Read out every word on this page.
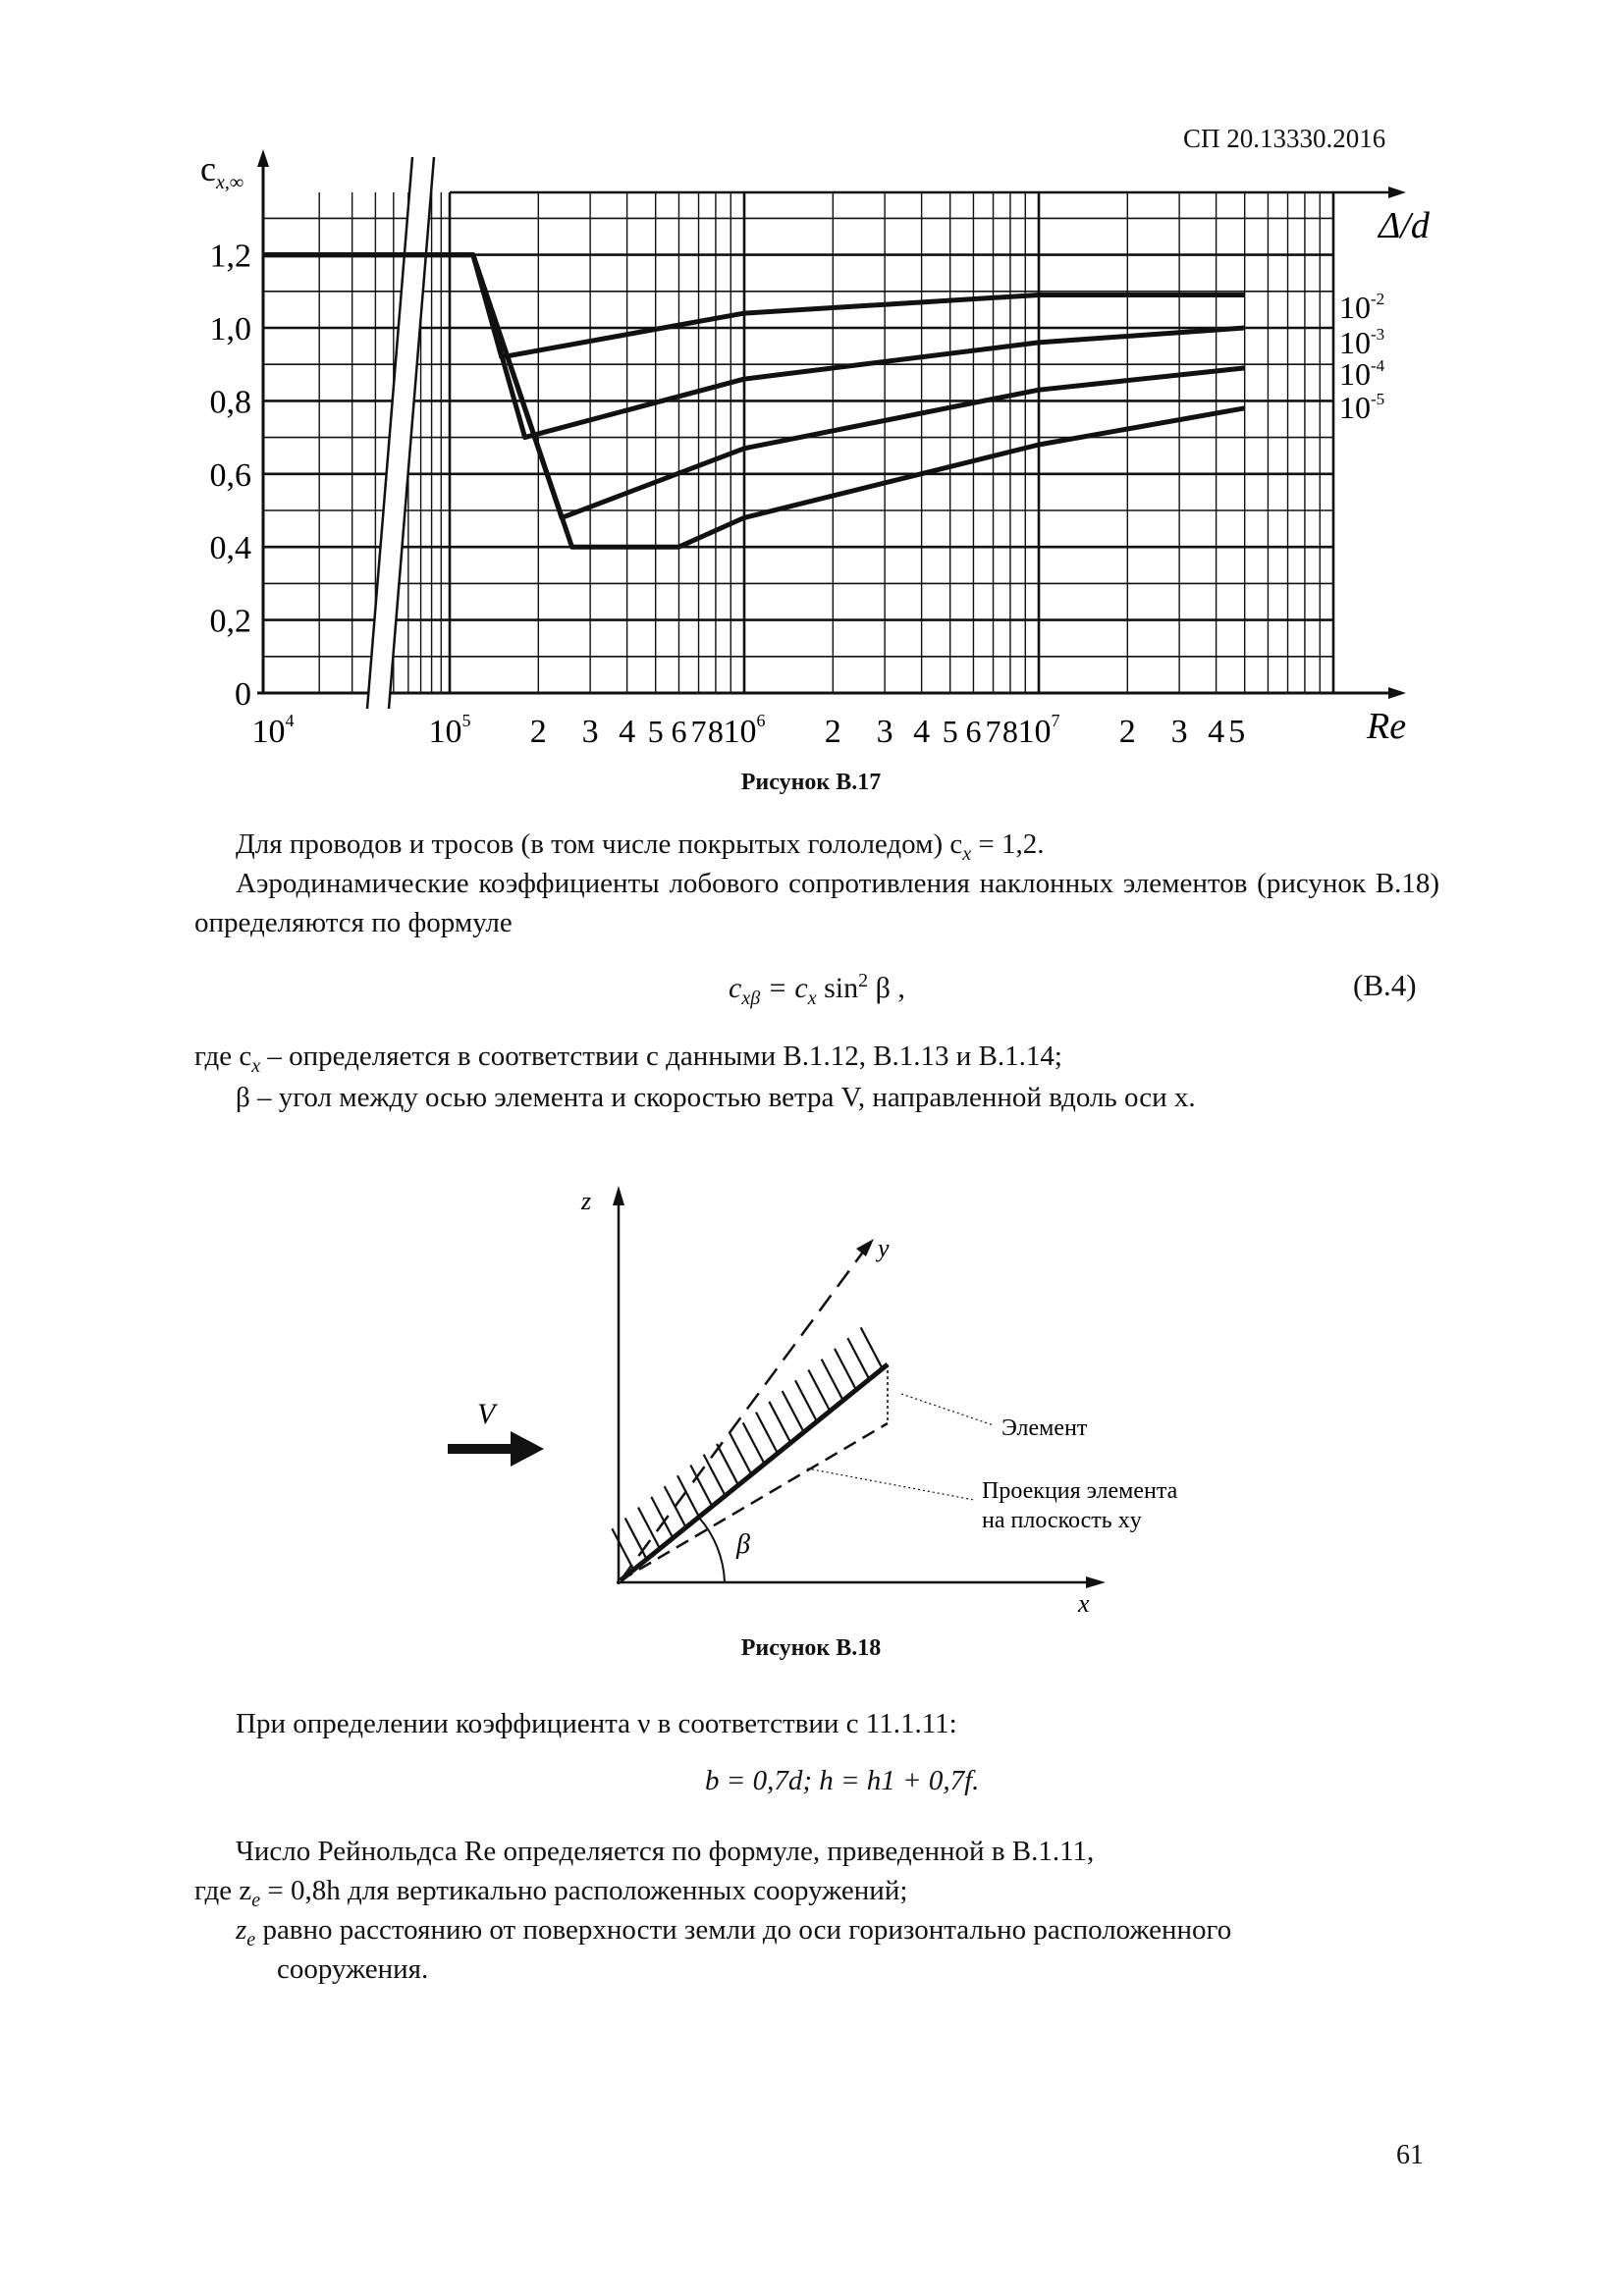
СП 20.13330.2016
1,2
1,0
0,8
0,6
0,4
0,2
0
$10^4$	$10^5$ 2 3 4 5 6 7 8 $10^6$ 2 3 4 5 6 7 8 $10^7$ 2 3 4 5
$10^{-2}$
$10^{-3}$
$10^{-4}$
$10^{-5}$
$c_{x,\infty}$
Δ/d
Re
z
x
y
Элемент
Проекция элемента
на плоскость xy
β
V
Рисунок В.17
Для проводов и тросов (в том числе покрытых гололедом) $c_x = 1,2$.
Аэродинамические коэффициенты лобового сопротивления наклонных элементов (рисунок В.18) определяются по формуле
$c_{x\beta} = c_x$ $\sin^2 \beta$ ,	(В.4)
где $c_x$ – определяется в соответствии с данными В.1.12, В.1.13 и В.1.14;
β – угол между осью элемента и скоростью ветра V, направленной вдоль оси x.
Рисунок В.18
При определении коэффициента ν в соответствии с 11.1.11:
b = 0,7d; h = h1 + 0,7f.
Число Рейнольдса Re определяется по формуле, приведенной в В.1.11,
где $z_e = 0,8h$ для вертикально расположенных сооружений;
$z_e$ равно расстоянию от поверхности земли до оси горизонтально расположенного
сооружения.
61
